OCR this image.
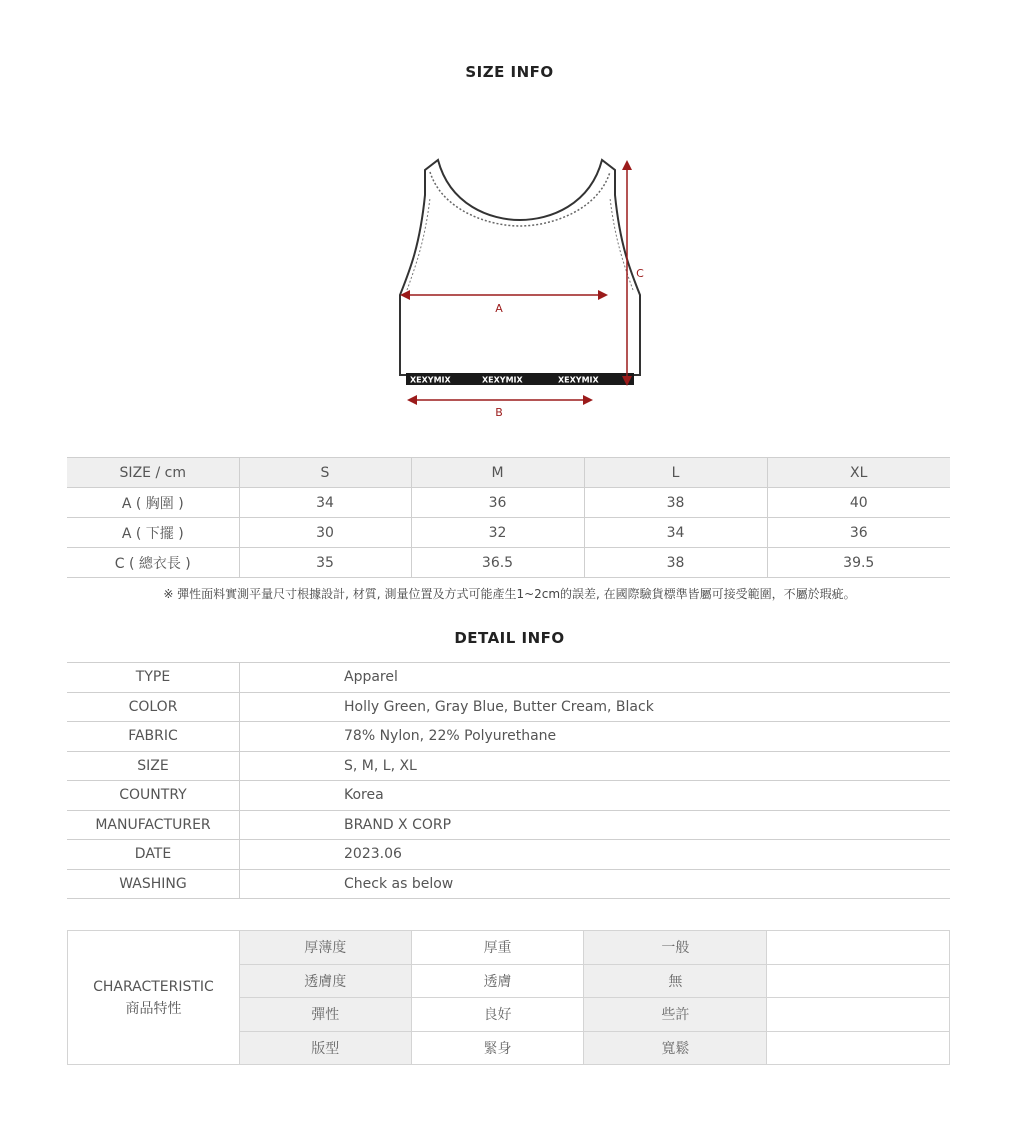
SIZE INFO
XEXYMIX	XEXYMIX	XEXYMIX
A
B
C
SIZE / cm	S	M	L	XL
A ( 胸圍 )	34	36	38	40
A ( 下擺 )	30	32	34	36
C ( 總衣長 )	35	36.5	38	39.5
※ 彈性面料實測平量尺寸根據設計, 材質, 測量位置及方式可能產生1~2cm的誤差, 在國際驗貨標準皆屬可接受範圍，不屬於瑕疵。
DETAIL INFO
TYPE	Apparel
COLOR	Holly Green, Gray Blue, Butter Cream, Black
FABRIC	78% Nylon, 22% Polyurethane
SIZE	S, M, L, XL
COUNTRY	Korea
MANUFACTURER	BRAND X CORP
DATE	2023.06
WASHING	Check as below
CHARACTERISTIC
商品特性	厚薄度	厚重	一般	
	透膚度	透膚	無	
	彈性	良好	些許	
	版型	緊身	寬鬆	
